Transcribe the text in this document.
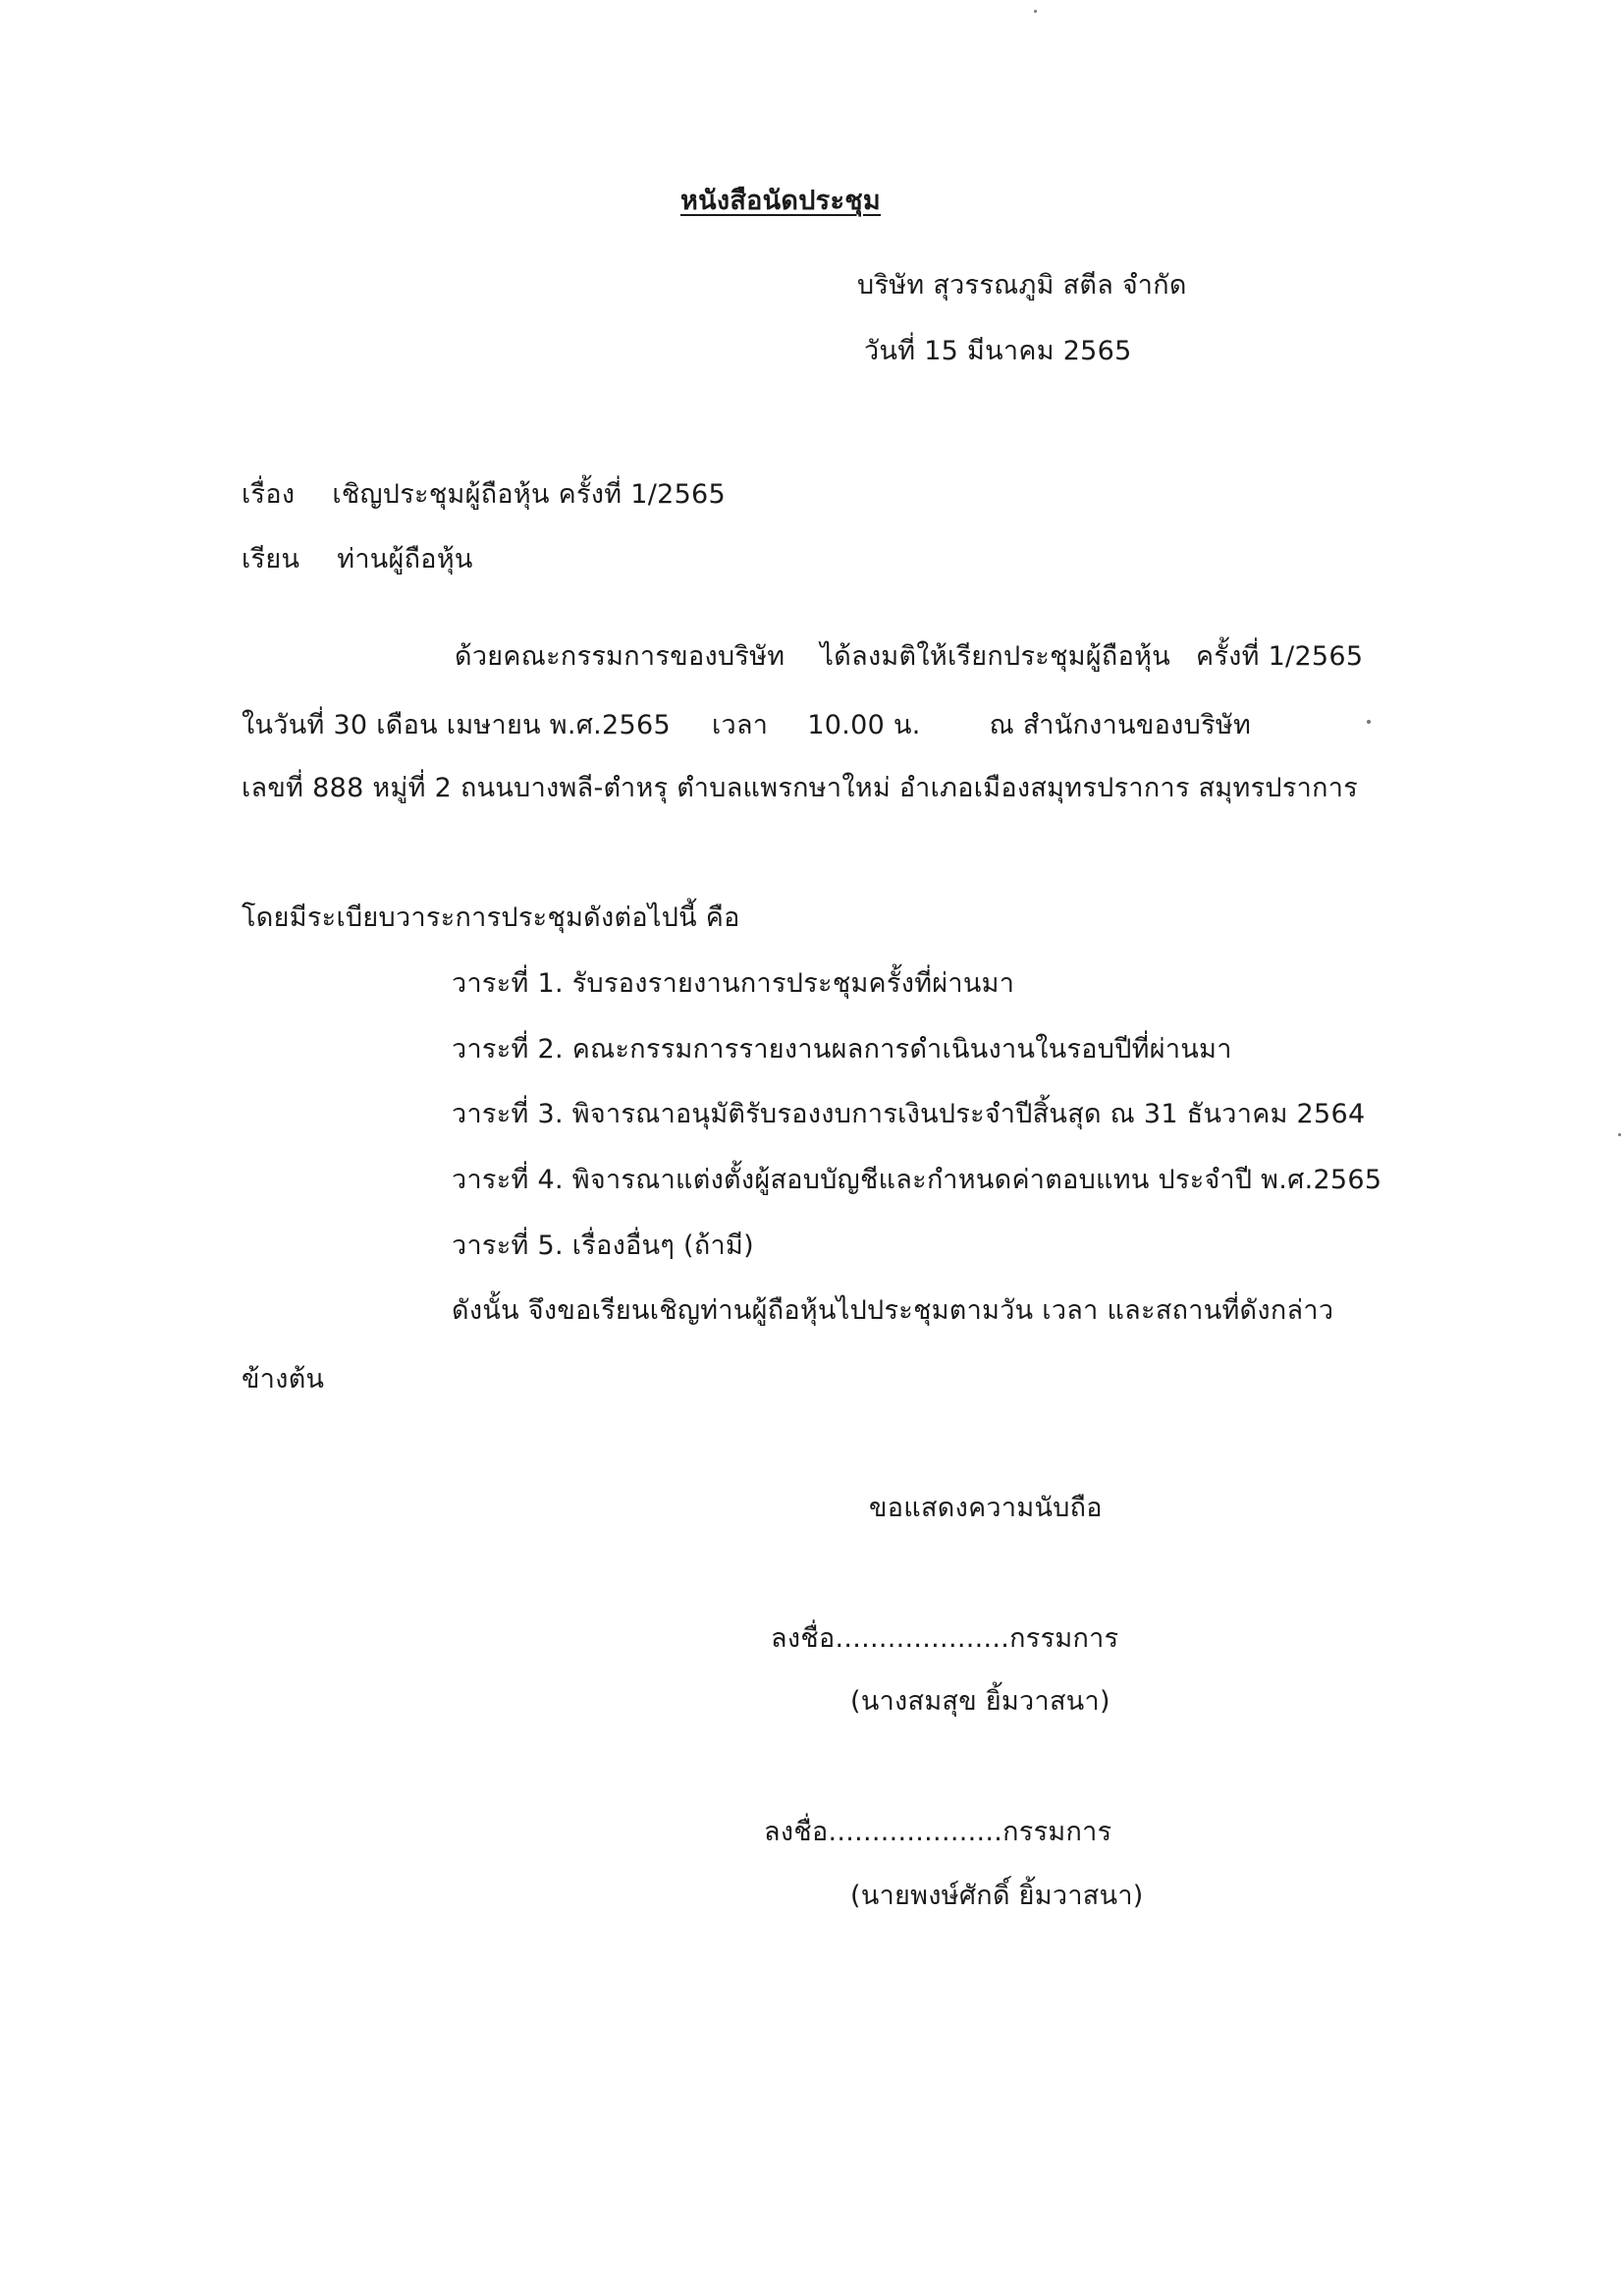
หนังสือนัดประชุม
บริษัท สุวรรณภูมิ สตีล จำกัด
วันที่ 15 มีนาคม 2565
เรื่อง เชิญประชุมผู้ถือหุ้น ครั้งที่ 1/2565
เรียน ท่านผู้ถือหุ้น
ด้วยคณะกรรมการของบริษัท ได้ลงมติให้เรียกประชุมผู้ถือหุ้น ครั้งที่ 1/2565
ในวันที่ 30 เดือน เมษายน พ.ศ.2565 เวลา 10.00 น.	ณ สำนักงานของบริษัท
เลขที่ 888 หมู่ที่ 2 ถนนบางพลี-ตำหรุ ตำบลแพรกษาใหม่ อำเภอเมืองสมุทรปราการ สมุทรปราการ
โดยมีระเบียบวาระการประชุมดังต่อไปนี้ คือ
วาระที่ 1. รับรองรายงานการประชุมครั้งที่ผ่านมา
วาระที่ 2. คณะกรรมการรายงานผลการดำเนินงานในรอบปีที่ผ่านมา
วาระที่ 3. พิจารณาอนุมัติรับรองงบการเงินประจำปีสิ้นสุด ณ 31 ธันวาคม 2564
วาระที่ 4. พิจารณาแต่งตั้งผู้สอบบัญชีและกำหนดค่าตอบแทน ประจำปี พ.ศ.2565
วาระที่ 5. เรื่องอื่นๆ (ถ้ามี)
ดังนั้น จึงขอเรียนเชิญท่านผู้ถือหุ้นไปประชุมตามวัน เวลา และสถานที่ดังกล่าว
ข้างต้น
ขอแสดงความนับถือ
ลงชื่อ....................กรรมการ
(นางสมสุข ยิ้มวาสนา)
ลงชื่อ....................กรรมการ
(นายพงษ์ศักดิ์ ยิ้มวาสนา)
